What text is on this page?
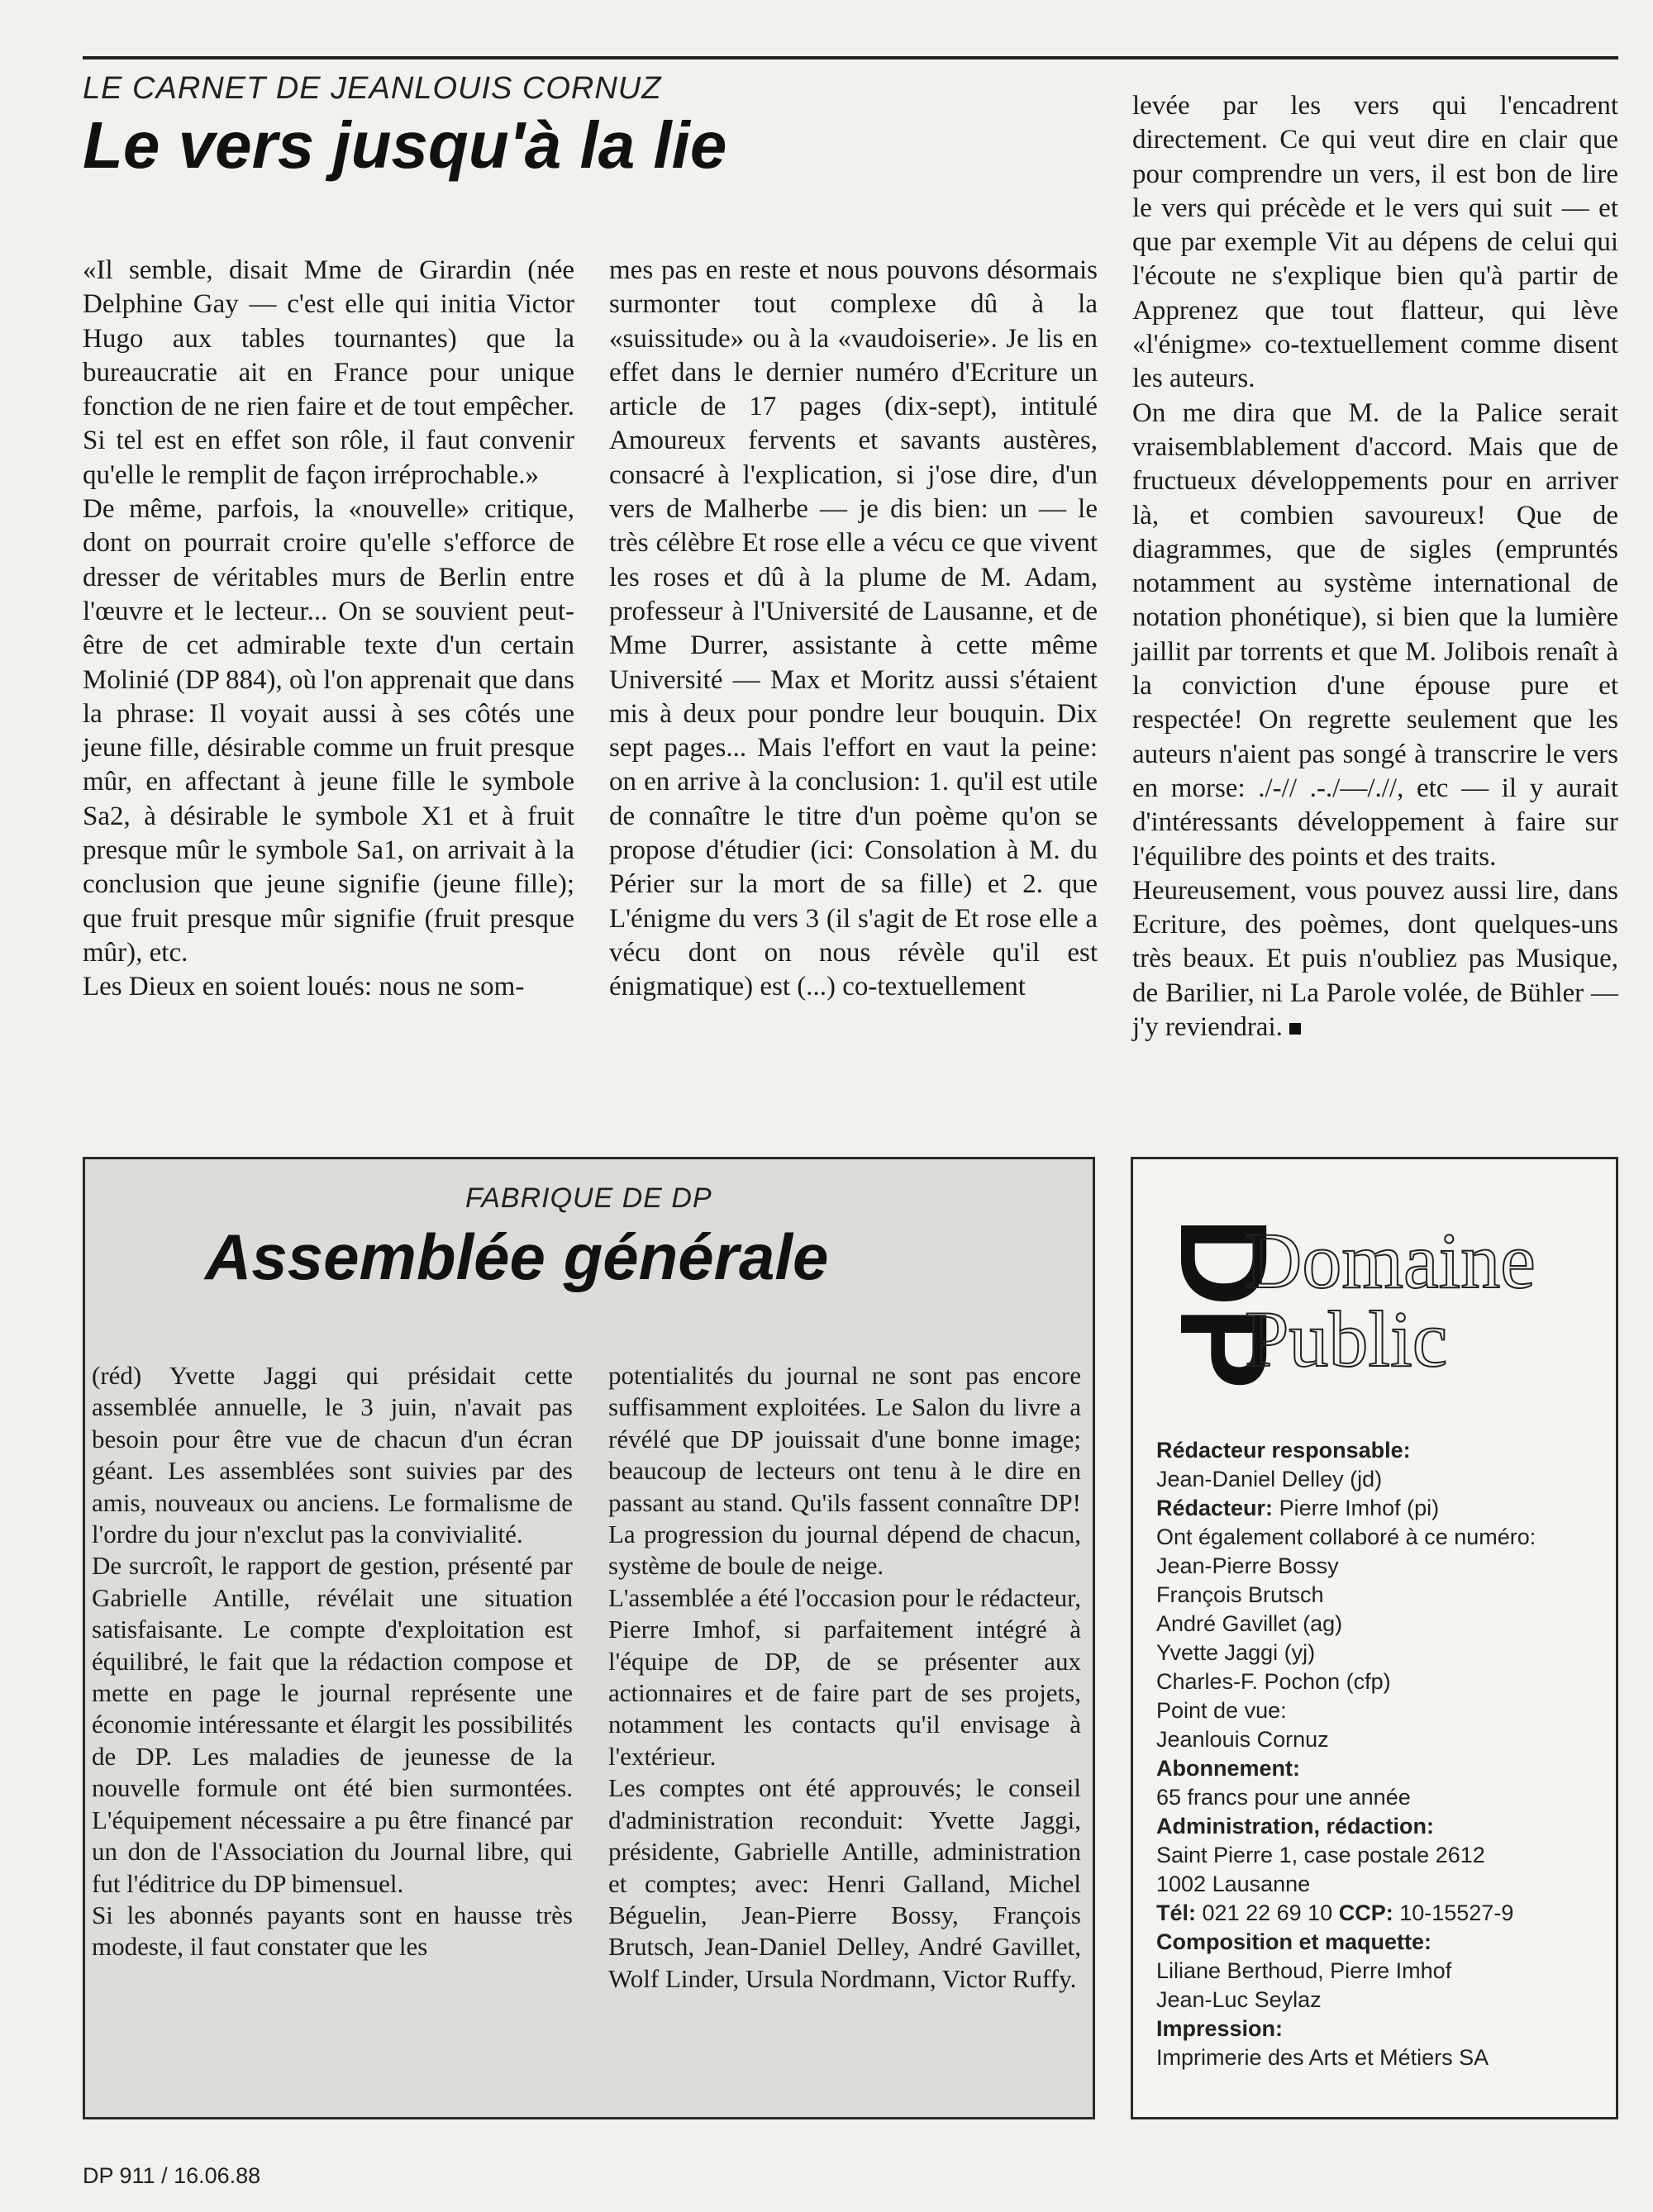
LE CARNET DE JEANLOUIS CORNUZ
Le vers jusqu'à la lie

«Il semble, disait Mme de Girardin (née Delphine Gay — c'est elle qui initia Victor Hugo aux tables tournantes) que la bureaucratie ait en France pour unique fonction de ne rien faire et de tout empêcher. Si tel est en effet son rôle, il faut convenir qu'elle le remplit de façon irréprochable.»

De même, parfois, la «nouvelle» critique, dont on pourrait croire qu'elle s'efforce de dresser de véritables murs de Berlin entre l'œuvre et le lecteur... On se souvient peut-être de cet admirable texte d'un certain Molinié (DP 884), où l'on apprenait que dans la phrase: Il voyait aussi à ses côtés une jeune fille, désirable comme un fruit presque mûr, en affectant à jeune fille le symbole Sa2, à désirable le symbole X1 et à fruit presque mûr le symbole Sa1, on arrivait à la conclusion que jeune signifie (jeune fille); que fruit presque mûr signifie (fruit presque mûr), etc.

Les Dieux en soient loués: nous ne som-

mes pas en reste et nous pouvons désormais surmonter tout complexe dû à la «suissitude» ou à la «vaudoiserie». Je lis en effet dans le dernier numéro d'Ecriture un article de 17 pages (dix-sept), intitulé Amoureux fervents et savants austères, consacré à l'explication, si j'ose dire, d'un vers de Malherbe — je dis bien: un — le très célèbre Et rose elle a vécu ce que vivent les roses et dû à la plume de M. Adam, professeur à l'Université de Lausanne, et de Mme Durrer, assistante à cette même Université — Max et Moritz aussi s'étaient mis à deux pour pondre leur bouquin. Dix sept pages... Mais l'effort en vaut la peine: on en arrive à la conclusion: 1. qu'il est utile de connaître le titre d'un poème qu'on se propose d'étudier (ici: Consolation à M. du Périer sur la mort de sa fille) et 2. que L'énigme du vers 3 (il s'agit de Et rose elle a vécu dont on nous révèle qu'il est énigmatique) est (...) co-textuellement

levée par les vers qui l'encadrent directement. Ce qui veut dire en clair que pour comprendre un vers, il est bon de lire le vers qui précède et le vers qui suit — et que par exemple Vit au dépens de celui qui l'écoute ne s'explique bien qu'à partir de Apprenez que tout flatteur, qui lève «l'énigme» co-textuellement comme disent les auteurs.

On me dira que M. de la Palice serait vraisemblablement d'accord. Mais que de fructueux développements pour en arriver là, et combien savoureux! Que de diagrammes, que de sigles (empruntés notamment au système international de notation phonétique), si bien que la lumière jaillit par torrents et que M. Jolibois renaît à la conviction d'une épouse pure et respectée! On regrette seulement que les auteurs n'aient pas songé à transcrire le vers en morse: ./-// .-./—/.//, etc — il y aurait d'intéressants développement à faire sur l'équilibre des points et des traits.

Heureusement, vous pouvez aussi lire, dans Ecriture, des poèmes, dont quelques-uns très beaux. Et puis n'oubliez pas Musique, de Barilier, ni La Parole volée, de Bühler — j'y reviendrai.

FABRIQUE DE DP
Assemblée générale

(réd) Yvette Jaggi qui présidait cette assemblée annuelle, le 3 juin, n'avait pas besoin pour être vue de chacun d'un écran géant. Les assemblées sont suivies par des amis, nouveaux ou anciens. Le formalisme de l'ordre du jour n'exclut pas la convivialité.

De surcroît, le rapport de gestion, présenté par Gabrielle Antille, révélait une situation satisfaisante. Le compte d'exploitation est équilibré, le fait que la rédaction compose et mette en page le journal représente une économie intéressante et élargit les possibilités de DP. Les maladies de jeunesse de la nouvelle formule ont été bien surmontées. L'équipement nécessaire a pu être financé par un don de l'Association du Journal libre, qui fut l'éditrice du DP bimensuel.

Si les abonnés payants sont en hausse très modeste, il faut constater que les

potentialités du journal ne sont pas encore suffisamment exploitées. Le Salon du livre a révélé que DP jouissait d'une bonne image; beaucoup de lecteurs ont tenu à le dire en passant au stand. Qu'ils fassent connaître DP! La progression du journal dépend de chacun, système de boule de neige.

L'assemblée a été l'occasion pour le rédacteur, Pierre Imhof, si parfaitement intégré à l'équipe de DP, de se présenter aux actionnaires et de faire part de ses projets, notamment les contacts qu'il envisage à l'extérieur.

Les comptes ont été approuvés; le conseil d'administration reconduit: Yvette Jaggi, présidente, Gabrielle Antille, administration et comptes; avec: Henri Galland, Michel Béguelin, Jean-Pierre Bossy, François Brutsch, Jean-Daniel Delley, André Gavillet, Wolf Linder, Ursula Nordmann, Victor Ruffy.

DP
Domaine
Public
Rédacteur responsable:
Jean-Daniel Delley (jd)
Rédacteur: Pierre Imhof (pi)
Ont également collaboré à ce numéro:
Jean-Pierre Bossy
François Brutsch
André Gavillet (ag)
Yvette Jaggi (yj)
Charles-F. Pochon (cfp)
Point de vue:
Jeanlouis Cornuz
Abonnement:
65 francs pour une année
Administration, rédaction:
Saint Pierre 1, case postale 2612
1002 Lausanne
Tél: 021 22 69 10 CCP: 10-15527-9
Composition et maquette:
Liliane Berthoud, Pierre Imhof
Jean-Luc Seylaz
Impression:
Imprimerie des Arts et Métiers SA
DP 911 / 16.06.88
